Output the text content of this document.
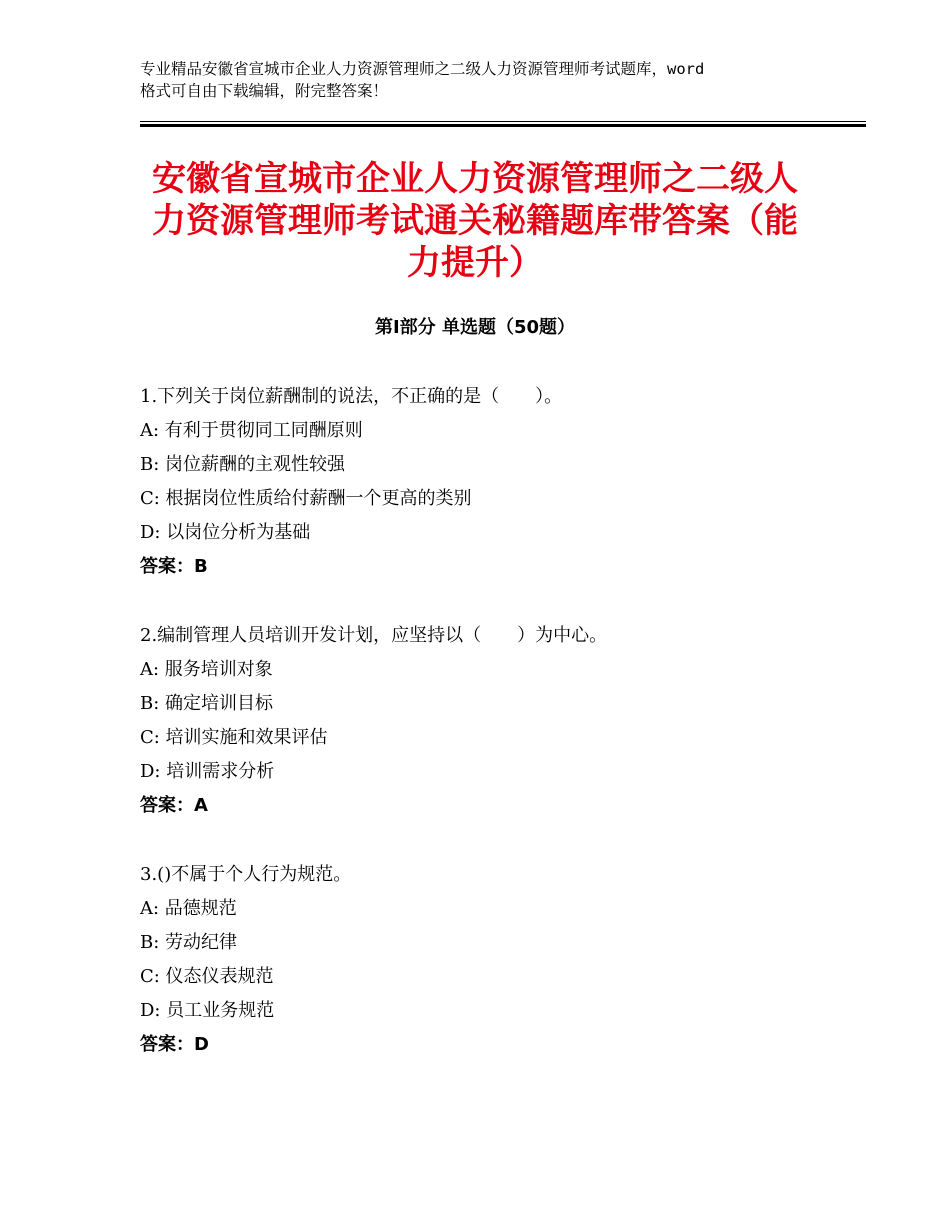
专业精品安徽省宣城市企业人力资源管理师之二级人力资源管理师考试题库，word
格式可自由下载编辑，附完整答案！
安徽省宣城市企业人力资源管理师之二级人
力资源管理师考试通关秘籍题库带答案（能
力提升）
第Ⅰ部分 单选题（50题）
1.下列关于岗位薪酬制的说法，不正确的是（　　）。
A: 有利于贯彻同工同酬原则
B: 岗位薪酬的主观性较强
C: 根据岗位性质给付薪酬一个更高的类别
D: 以岗位分析为基础
答案：B
2.编制管理人员培训开发计划，应坚持以（　　）为中心。
A: 服务培训对象
B: 确定培训目标
C: 培训实施和效果评估
D: 培训需求分析
答案：A
3.()不属于个人行为规范。
A: 品德规范
B: 劳动纪律
C: 仪态仪表规范
D: 员工业务规范
答案：D
